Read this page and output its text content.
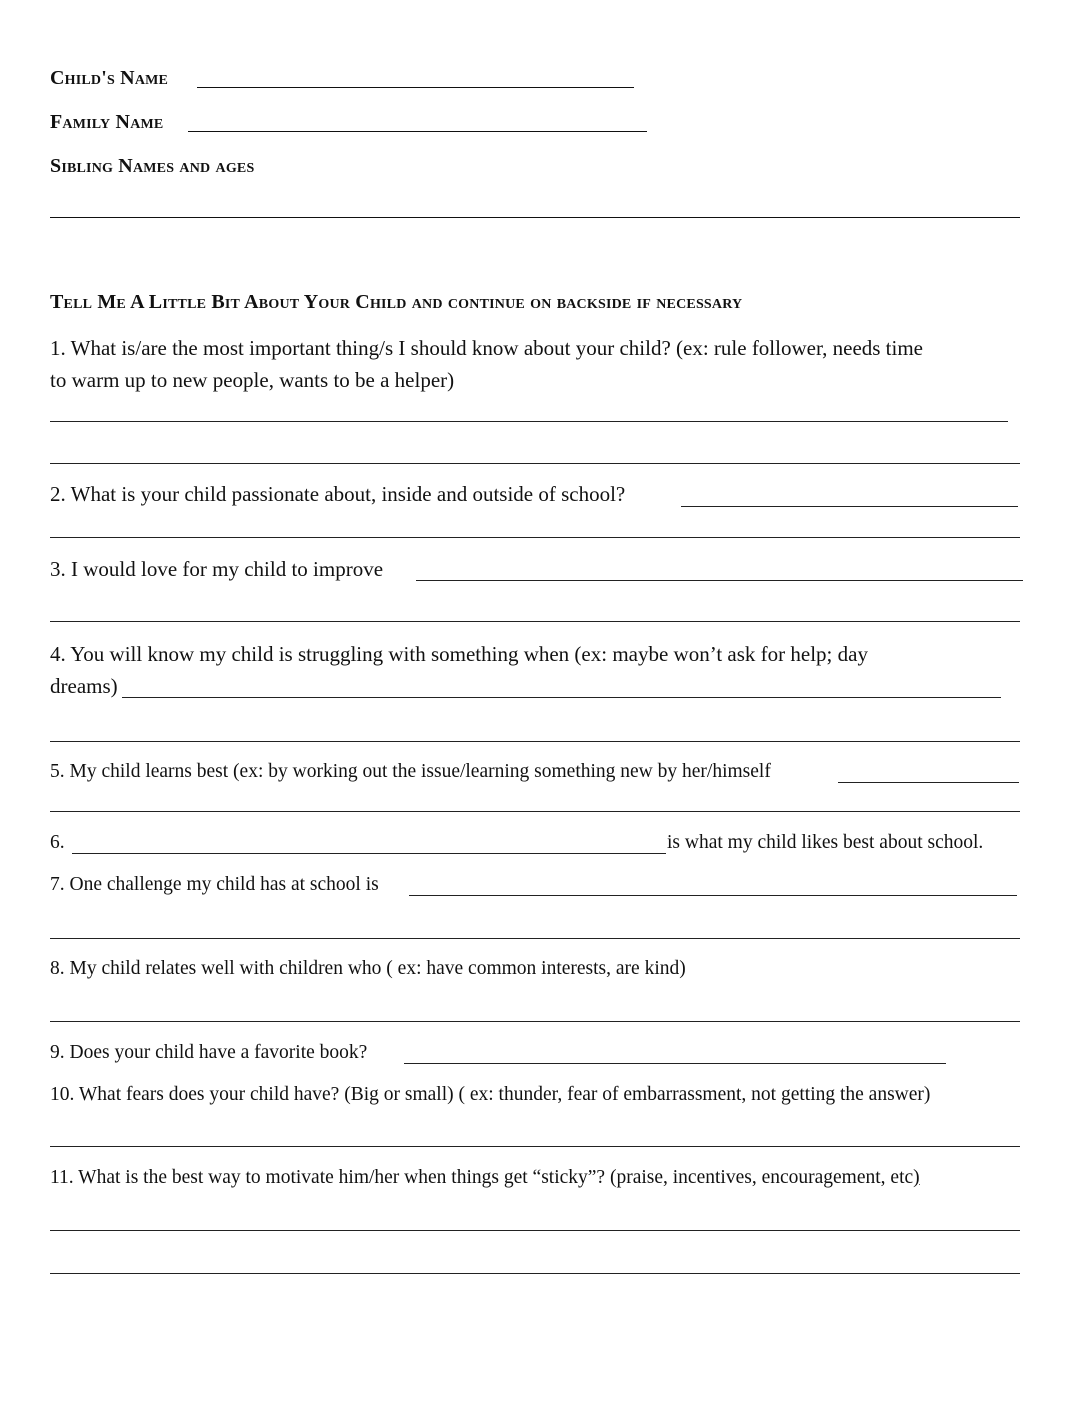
Child's Name
Family Name
Sibling Names and ages
Tell Me A Little Bit About Your Child and continue on backside if necessary
1. What is/are the most important thing/s I should know about your child? (ex: rule follower, needs time
to warm up to new people, wants to be a helper)
2. What is your child passionate about, inside and outside of school?
3. I would love for my child to improve
4. You will know my child is struggling with something when (ex: maybe won’t ask for help; day
dreams)
5. My child learns best (ex: by working out the issue/learning something new by her/himself
6.	is what my child likes best about school.
7. One challenge my child has at school is
8. My child relates well with children who ( ex: have common interests, are kind)
9. Does your child have a favorite book?
10. What fears does your child have? (Big or small) ( ex: thunder, fear of embarrassment, not getting the answer)
11. What is the best way to motivate him/her when things get “sticky”? (praise, incentives, encouragement, etc)
